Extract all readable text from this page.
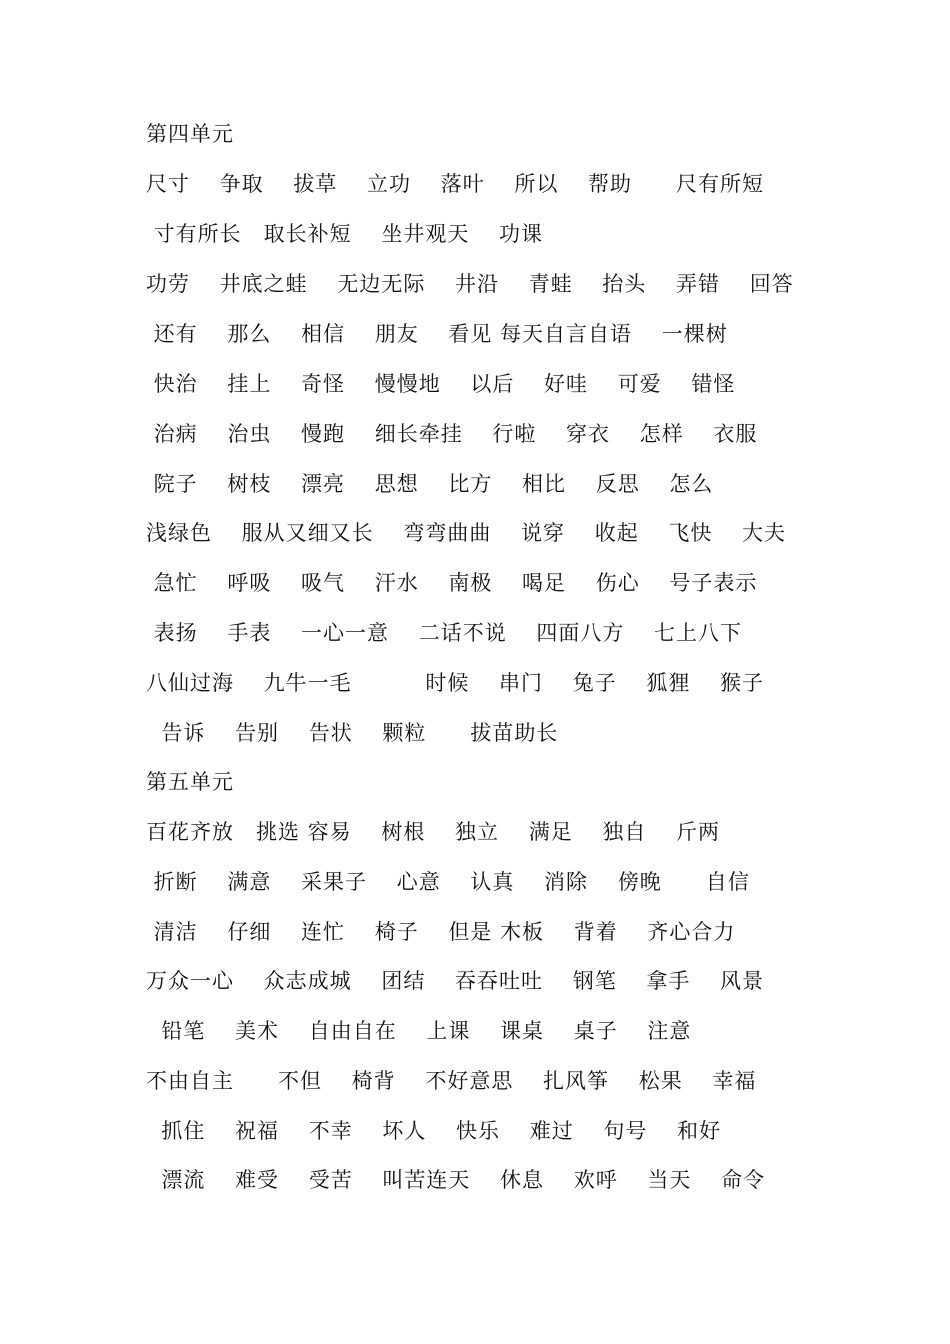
第四单元
尺寸　 争取　 拔草　 立功　 落叶　 所以　 帮助　　尺有所短
寸有所长　取长补短　 坐井观天　 功课
功劳　 井底之蛙　 无边无际　 井沿　 青蛙　 抬头　 弄错　 回答
还有　 那么　 相信　 朋友　 看见 每天自言自语　 一棵树
快治　 挂上　 奇怪　 慢慢地　 以后　 好哇　 可爱　 错怪
治病　 治虫　 慢跑　 细长牵挂　 行啦　 穿衣　 怎样　 衣服
院子　 树枝　 漂亮　 思想　 比方　 相比　 反思　 怎么
浅绿色　 服从又细又长　 弯弯曲曲　 说穿　 收起　 飞快　 大夫
急忙　 呼吸　 吸气　 汗水　 南极　 喝足　 伤心　 号子表示
表扬　 手表　 一心一意　 二话不说　 四面八方　 七上八下
八仙过海　 九牛一毛　　　 时候　 串门　 兔子　 狐狸　 猴子
告诉　 告别　 告状　 颗粒　　拔苗助长
第五单元
百花齐放　挑选 容易　 树根　 独立　 满足　 独自　 斤两
折断　 满意　 采果子　 心意　 认真　 消除　 傍晚　　自信
清洁　 仔细　 连忙　 椅子　 但是 木板　 背着　 齐心合力
万众一心　 众志成城　 团结　 吞吞吐吐　 钢笔　 拿手　 风景
铅笔　 美术　 自由自在　 上课　 课桌　 桌子　 注意
不由自主　　不但　 椅背　 不好意思　 扎风筝　 松果　 幸福
抓住　 祝福　 不幸　 坏人　 快乐　 难过　 句号　 和好
漂流　 难受　 受苦　 叫苦连天　 休息　 欢呼　 当天　 命令
